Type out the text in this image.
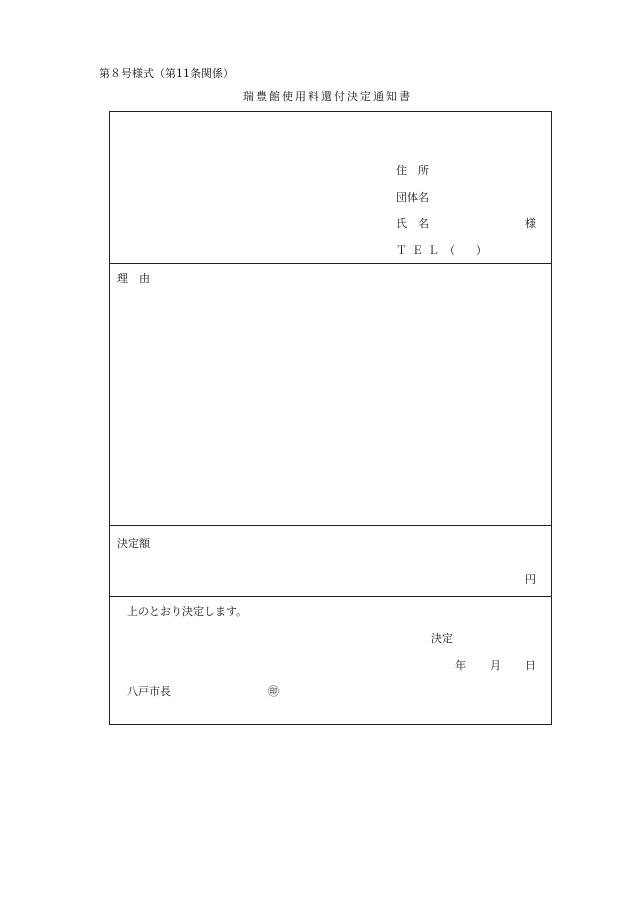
第８号様式（第11条関係）
瑞豊館使用料還付決定通知書
住　所
団体名
氏　名	様
ＴＥＬ（　）
理　由
決定額
円
上のとおり決定します。
決定
年 月 日
八戸市長	㊞
